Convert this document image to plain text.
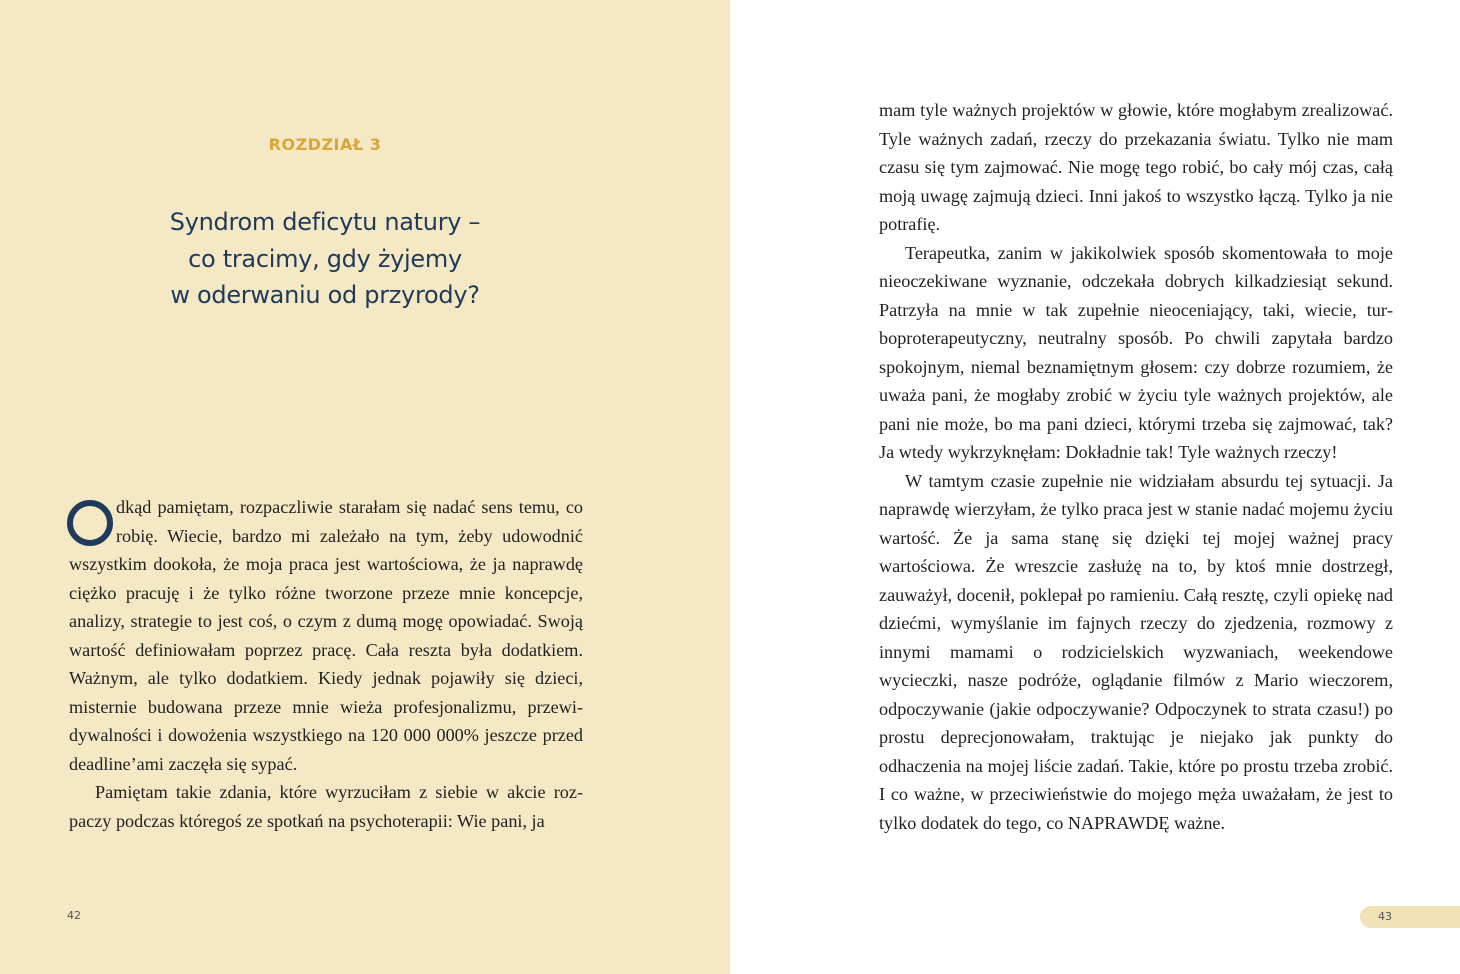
ROZDZIAŁ 3
Syndrom deficytu natury –
co tracimy, gdy żyjemy
w oderwaniu od przyrody?

dkąd pamiętam, rozpaczliwie starałam się nadać sens temu, co robię. Wiecie, bardzo mi zależało na tym, żeby udowodnić wszystkim dookoła, że moja praca jest wartościowa, że ja naprawdę ciężko pracuję i że tylko różne tworzone przeze mnie koncepcje, analizy, strategie to jest coś, o czym z dumą mogę opowiadać. Swoją wartość definiowałam poprzez pracę. Cała reszta była dodatkiem. Ważnym, ale tylko dodatkiem. Kiedy jednak pojawiły się dzieci, misternie budowana przeze mnie wieża profesjonalizmu, przewidywalności i dowożenia wszystkiego na 120 000 000% jeszcze przed deadline’ami zaczęła się sypać.

Pamiętam takie zdania, które wyrzuciłam z siebie w akcie rozpaczy podczas któregoś ze spotkań na psychoterapii: Wie pani, ja

42

mam tyle ważnych projektów w głowie, które mogłabym zrealizować. Tyle ważnych zadań, rzeczy do przekazania światu. Tylko nie mam czasu się tym zajmować. Nie mogę tego robić, bo cały mój czas, całą moją uwagę zajmują dzieci. Inni jakoś to wszystko łączą. Tylko ja nie potrafię.

Terapeutka, zanim w jakikolwiek sposób skomentowała to moje nieoczekiwane wyznanie, odczekała dobrych kilkadziesiąt sekund. Patrzyła na mnie w tak zupełnie nieoceniający, taki, wiecie, turboproterapeutyczny, neutralny sposób. Po chwili zapytała bardzo spokojnym, niemal beznamiętnym głosem: czy dobrze rozumiem, że uważa pani, że mogłaby zrobić w życiu tyle ważnych projektów, ale pani nie może, bo ma pani dzieci, którymi trzeba się zajmować, tak? Ja wtedy wykrzyknęłam: Dokładnie tak! Tyle ważnych rzeczy!

W tamtym czasie zupełnie nie widziałam absurdu tej sytuacji. Ja naprawdę wierzyłam, że tylko praca jest w stanie nadać mojemu życiu wartość. Że ja sama stanę się dzięki tej mojej ważnej pracy wartościowa. Że wreszcie zasłużę na to, by ktoś mnie dostrzegł, zauważył, docenił, poklepał po ramieniu. Całą resztę, czyli opiekę nad dziećmi, wymyślanie im fajnych rzeczy do zjedzenia, rozmowy z innymi mamami o rodzicielskich wyzwaniach, weekendowe wycieczki, nasze podróże, oglądanie filmów z Mario wieczorem, odpoczywanie (jakie odpoczywanie? Odpoczynek to strata czasu!) po prostu deprecjonowałam, traktując je niejako jak punkty do odhaczenia na mojej liście zadań. Takie, które po prostu trzeba zrobić. I co ważne, w przeciwieństwie do mojego męża uważałam, że jest to tylko dodatek do tego, co NAPRAWDĘ ważne.

43
